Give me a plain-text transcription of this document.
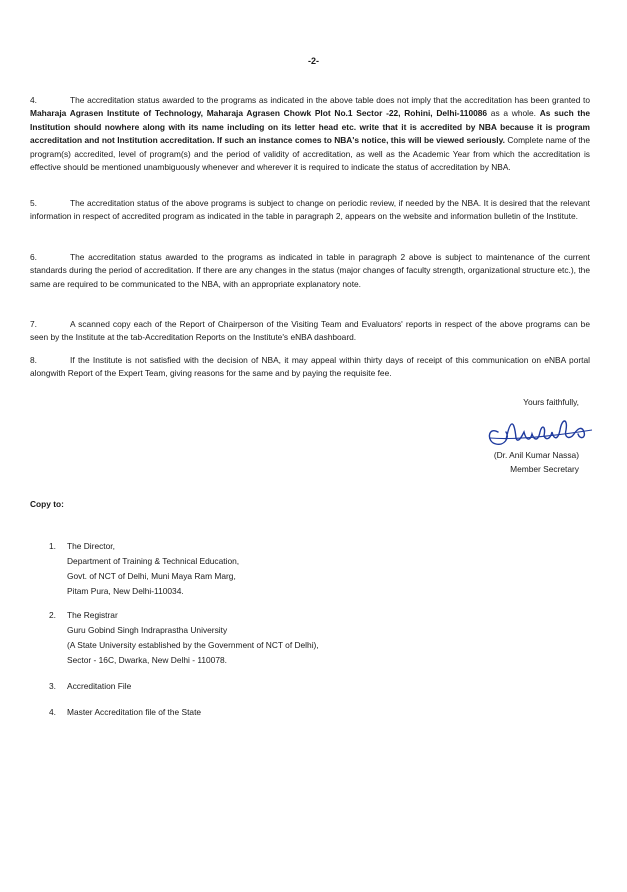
-2-
4.	The accreditation status awarded to the programs as indicated in the above table does not imply that the accreditation has been granted to Maharaja Agrasen Institute of Technology, Maharaja Agrasen Chowk Plot No.1 Sector -22, Rohini, Delhi-110086 as a whole. As such the Institution should nowhere along with its name including on its letter head etc. write that it is accredited by NBA because it is program accreditation and not Institution accreditation. If such an instance comes to NBA's notice, this will be viewed seriously. Complete name of the program(s) accredited, level of program(s) and the period of validity of accreditation, as well as the Academic Year from which the accreditation is effective should be mentioned unambiguously whenever and wherever it is required to indicate the status of accreditation by NBA.
5.	The accreditation status of the above programs is subject to change on periodic review, if needed by the NBA. It is desired that the relevant information in respect of accredited program as indicated in the table in paragraph 2, appears on the website and information bulletin of the Institute.
6.	The accreditation status awarded to the programs as indicated in table in paragraph 2 above is subject to maintenance of the current standards during the period of accreditation. If there are any changes in the status (major changes of faculty strength, organizational structure etc.), the same are required to be communicated to the NBA, with an appropriate explanatory note.
7.	A scanned copy each of the Report of Chairperson of the Visiting Team and Evaluators' reports in respect of the above programs can be seen by the Institute at the tab-Accreditation Reports on the Institute's eNBA dashboard.
8.	If the Institute is not satisfied with the decision of NBA, it may appeal within thirty days of receipt of this communication on eNBA portal alongwith Report of the Expert Team, giving reasons for the same and by paying the requisite fee.
Yours faithfully,
(Dr. Anil Kumar Nassa)
Member Secretary
Copy to:
1. The Director,
Department of Training & Technical Education,
Govt. of NCT of Delhi, Muni Maya Ram Marg,
Pitam Pura, New Delhi-110034.
2. The Registrar
Guru Gobind Singh Indraprastha University
(A State University established by the Government of NCT of Delhi),
Sector - 16C, Dwarka, New Delhi - 110078.
3. Accreditation File
4. Master Accreditation file of the State
